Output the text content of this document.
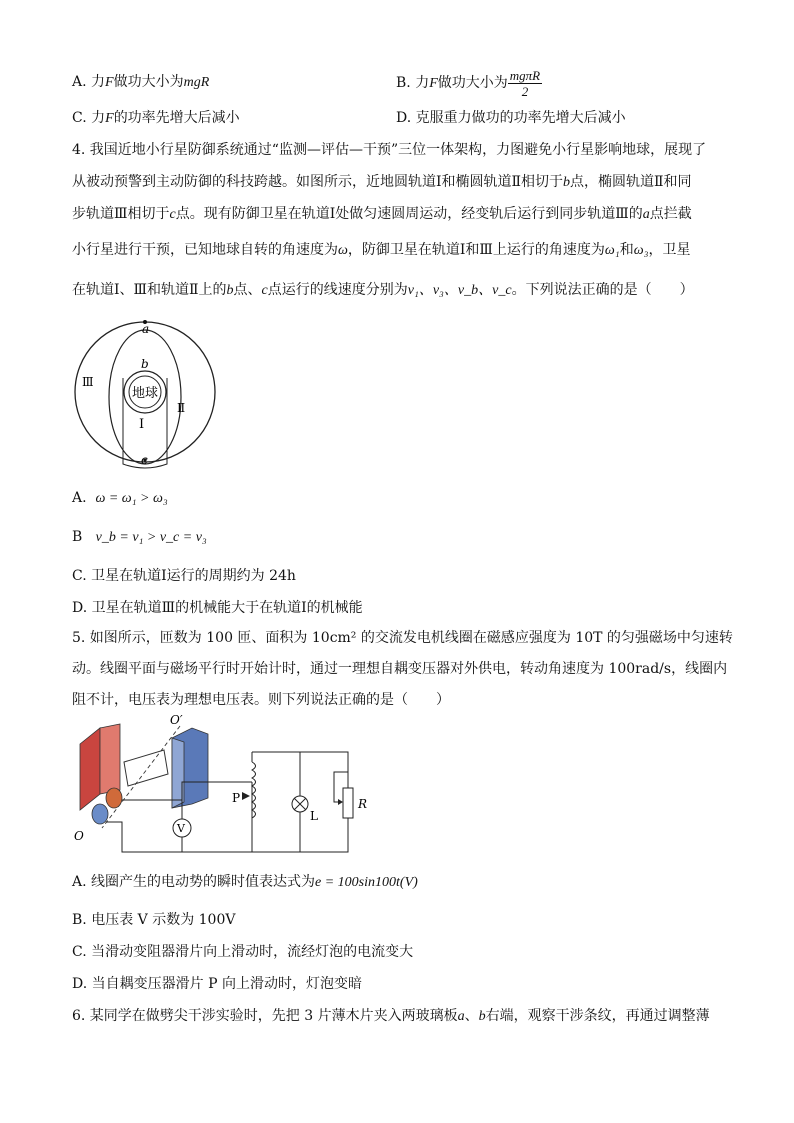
A. 力F做功大小为mgR	B. 力F做功大小为 $\frac{\text{mgπR}}{2}$
C. 力F的功率先增大后减小	D. 克服重力做功的功率先增大后减小
4. 我国近地小行星防御系统通过“监测—评估—干预”三位一体架构，力图避免小行星影响地球，展现了
从被动预警到主动防御的科技跨越。如图所示，近地圆轨道Ⅰ和椭圆轨道Ⅱ相切于b点，椭圆轨道Ⅱ和同
步轨道Ⅲ相切于c点。现有防御卫星在轨道Ⅰ处做匀速圆周运动，经变轨后运行到同步轨道Ⅲ的a点拦截
小行星进行干预，已知地球自转的角速度为ω，防御卫星在轨道Ⅰ和Ⅲ上运行的角速度为ω₁和ω₃，卫星
在轨道Ⅰ、Ⅲ和轨道Ⅱ上的b点、c点运行的线速度分别为v₁、v₃、v_b、v_c。下列说法正确的是（　　）
a
b
c
地球
Ⅰ
Ⅱ
Ⅲ
A. ω = ω₁ > ω₃
B v_b = v₁ > v_c = v₃
C. 卫星在轨道Ⅰ运行的周期约为 24h
D. 卫星在轨道Ⅲ的机械能大于在轨道Ⅰ的机械能
5. 如图所示，匝数为 100 匝、面积为 10cm² 的交流发电机线圈在磁感应强度为 10T 的匀强磁场中匀速转
动。线圈平面与磁场平行时开始计时，通过一理想自耦变压器对外供电，转动角速度为 100rad/s，线圈内
阻不计，电压表为理想电压表。则下列说法正确的是（　　）
O′
O
V
P
L
R
A. 线圈产生的电动势的瞬时值表达式为e = 100sin100t(V)
B. 电压表 V 示数为 100V
C. 当滑动变阻器滑片向上滑动时，流经灯泡的电流变大
D. 当自耦变压器滑片 P 向上滑动时，灯泡变暗
6. 某同学在做劈尖干涉实验时，先把 3 片薄木片夹入两玻璃板a、b右端，观察干涉条纹，再通过调整薄
